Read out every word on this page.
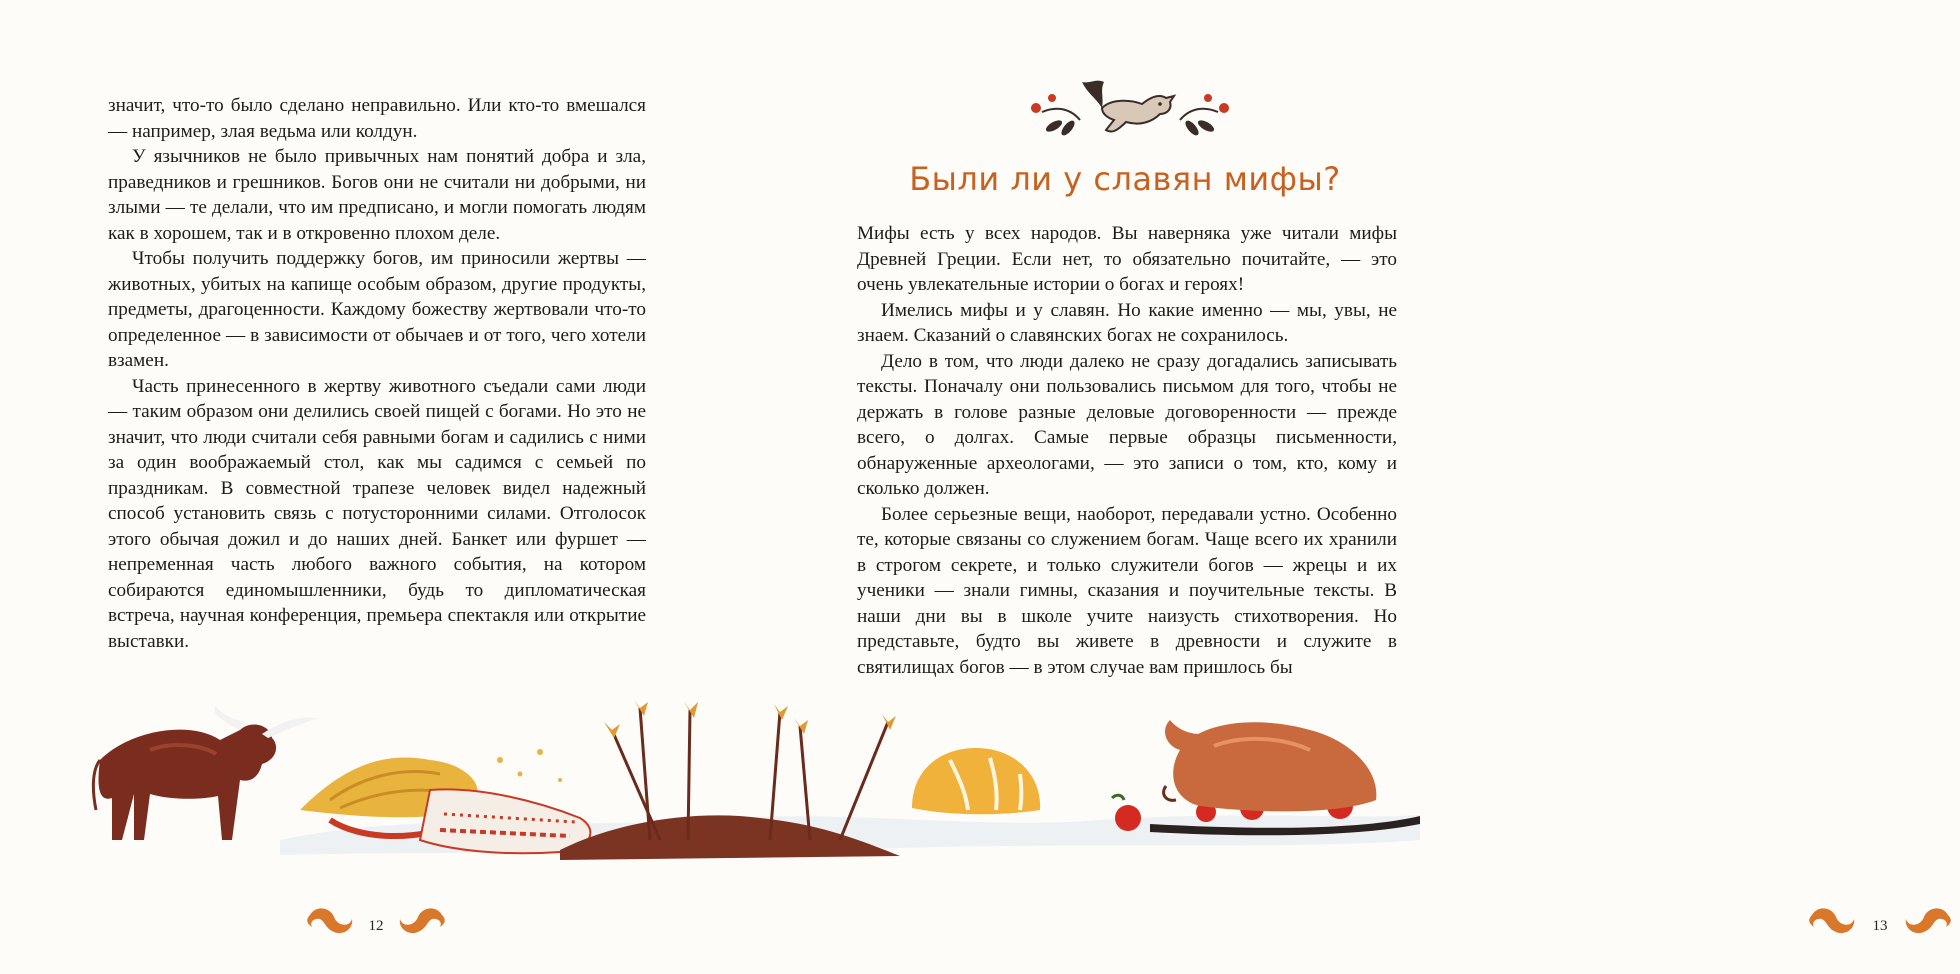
значит, что-то было сделано неправильно. Или кто-то вмешался — например, злая ведьма или колдун.

У язычников не было привычных нам понятий добра и зла, праведников и грешников. Богов они не считали ни добрыми, ни злыми — те делали, что им предписано, и могли помогать людям как в хорошем, так и в откровенно плохом деле.

Чтобы получить поддержку богов, им приносили жертвы — животных, убитых на капище особым образом, другие продукты, предметы, драгоценности. Каждому божеству жертвовали что-то определенное — в зависимости от обычаев и от того, чего хотели взамен.

Часть принесенного в жертву животного съедали сами люди — таким образом они делились своей пищей с богами. Но это не значит, что люди считали себя равными богам и садились с ними за один воображаемый стол, как мы садимся с семьей по праздникам. В совместной трапезе человек видел надежный способ установить связь с потусторонними силами. Отголосок этого обычая дожил и до наших дней. Банкет или фуршет — непременная часть любого важного события, на котором собираются единомышленники, будь то дипломатическая встреча, научная конференция, премьера спектакля или открытие выставки.

12
Были ли у славян мифы?

Мифы есть у всех народов. Вы наверняка уже читали мифы Древней Греции. Если нет, то обязательно почитайте, — это очень увлекательные истории о богах и героях!

Имелись мифы и у славян. Но какие именно — мы, увы, не знаем. Сказаний о славянских богах не сохранилось.

Дело в том, что люди далеко не сразу догадались записывать тексты. Поначалу они пользовались письмом для того, чтобы не держать в голове разные деловые договоренности — прежде всего, о долгах. Самые первые образцы письменности, обнаруженные археологами, — это записи о том, кто, кому и сколько должен.

Более серьезные вещи, наоборот, передавали устно. Особенно те, которые связаны со служением богам. Чаще всего их хранили в строгом секрете, и только служители богов — жрецы и их ученики — знали гимны, сказания и поучительные тексты. В наши дни вы в школе учите наизусть стихотворения. Но представьте, будто вы живете в древности и служите в святилищах богов — в этом случае вам пришлось бы

13
